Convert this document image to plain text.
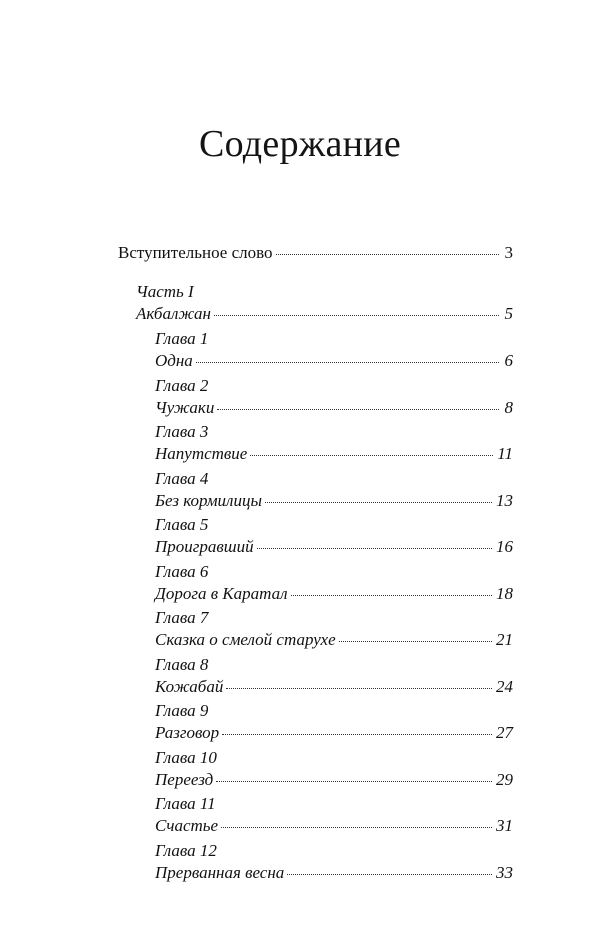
Содержание
Вступительное слово	3
Часть I
Акбалжан	5
Глава 1
Одна	6
Глава 2
Чужаки	8
Глава 3
Напутствие	11
Глава 4
Без кормилицы	13
Глава 5
Проигравший	16
Глава 6
Дорога в Каратал	18
Глава 7
Сказка о смелой старухе	21
Глава 8
Кожабай	24
Глава 9
Разговор	27
Глава 10
Переезд	29
Глава 11
Счастье	31
Глава 12
Прерванная весна	33
